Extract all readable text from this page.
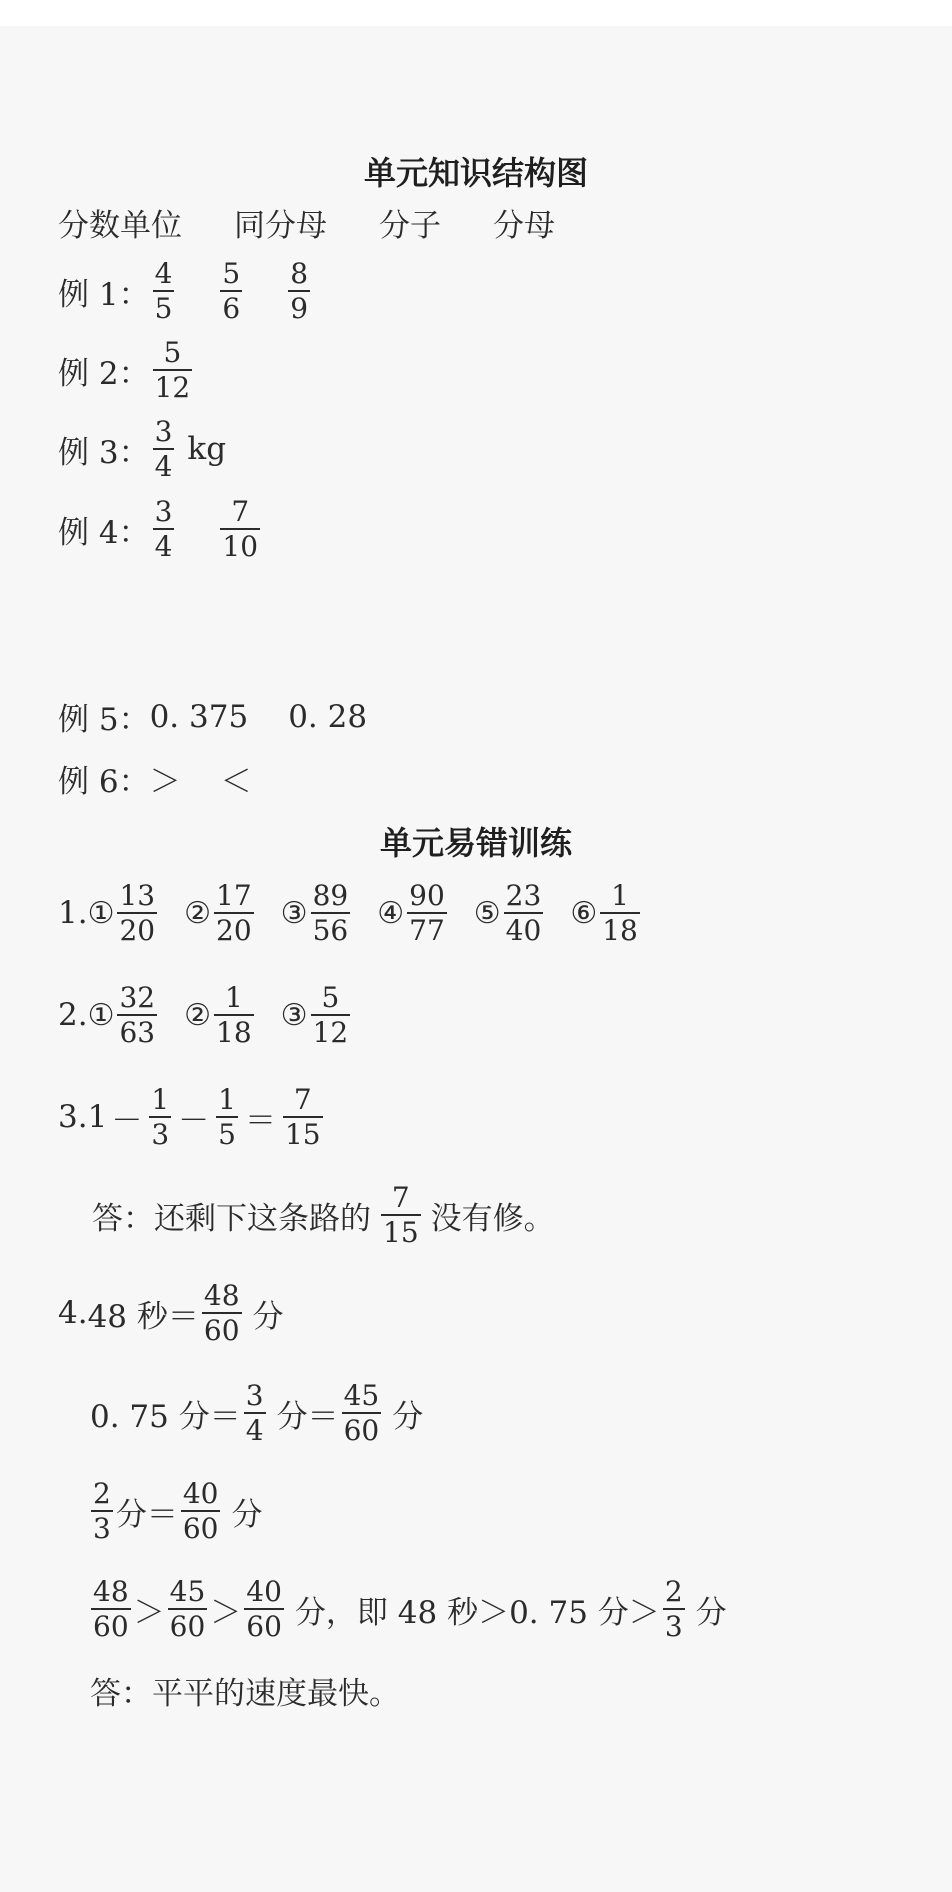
单元知识结构图
分数单位 同分母 分子 分母
例 1： $\frac{4}{5} \frac{5}{6} \frac{8}{9}$
例 2： $\frac{5}{12}$
例 3： $\frac{3}{4}$ kg
例 4： $\frac{3}{4} \frac{7}{10}$
例 5： 0. 375 0. 28
例 6： ＞ ＜
单元易错训练
1. ① $\frac{13}{20}$ ② $\frac{17}{20}$ ③ $\frac{89}{56}$ ④ $\frac{90}{77}$ ⑤ $\frac{23}{40}$ ⑥ $\frac{1}{18}$
2. ① $\frac{32}{63}$ ② $\frac{1}{18}$ ③ $\frac{5}{12}$
3. $1 - \frac{1}{3} - \frac{1}{5} = \frac{7}{15}$
答：还剩下这条路的 $\frac{7}{15}$ 没有修。
4. 48 秒＝ $\frac{48}{60}$ 分
0. 75 分＝ $\frac{3}{4}$ 分＝ $\frac{45}{60}$ 分
$\frac{2}{3}$ 分＝ $\frac{40}{60}$ 分
$\frac{48}{60} > \frac{45}{60} > \frac{40}{60}$ 分，即 48 秒＞0. 75 分＞ $\frac{2}{3}$ 分
答：平平的速度最快。
